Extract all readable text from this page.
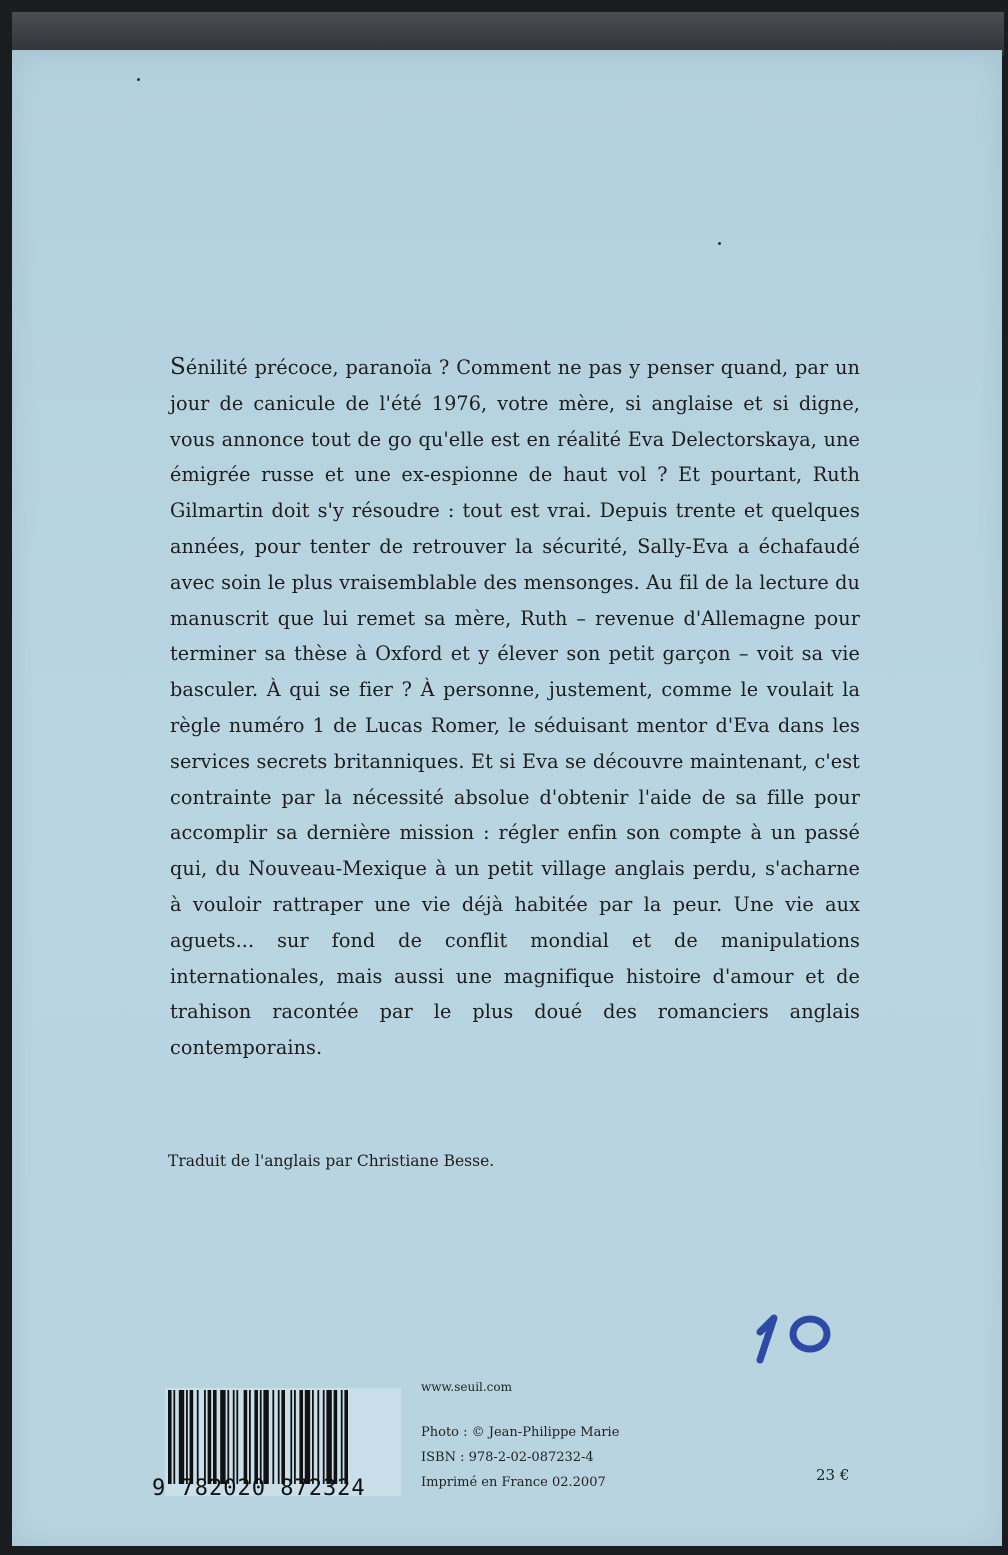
Sénilité précoce, paranoïa ? Comment ne pas y penser quand, par un jour de canicule de l'été 1976, votre mère, si anglaise et si digne, vous annonce tout de go qu'elle est en réalité Eva Delectorskaya, une émigrée russe et une ex-espionne de haut vol ? Et pourtant, Ruth Gilmartin doit s'y résoudre : tout est vrai. Depuis trente et quelques années, pour tenter de retrouver la sécurité, Sally-Eva a échafaudé avec soin le plus vraisemblable des mensonges. Au fil de la lecture du manuscrit que lui remet sa mère, Ruth – revenue d'Allemagne pour terminer sa thèse à Oxford et y élever son petit garçon – voit sa vie basculer. À qui se fier ? À personne, justement, comme le voulait la règle numéro 1 de Lucas Romer, le séduisant mentor d'Eva dans les services secrets britanniques. Et si Eva se découvre maintenant, c'est contrainte par la nécessité absolue d'obtenir l'aide de sa fille pour accomplir sa dernière mission : régler enfin son compte à un passé qui, du Nouveau-Mexique à un petit village anglais perdu, s'acharne à vouloir rattraper une vie déjà habitée par la peur. Une vie aux aguets... sur fond de conflit mondial et de manipulations internationales, mais aussi une magnifique histoire d'amour et de trahison racontée par le plus doué des romanciers anglais contemporains.
Traduit de l'anglais par Christiane Besse.
9 782020 872324
www.seuil.com
Photo : © Jean-Philippe Marie
ISBN : 978-2-02-087232-4
Imprimé en France 02.2007	23 €
